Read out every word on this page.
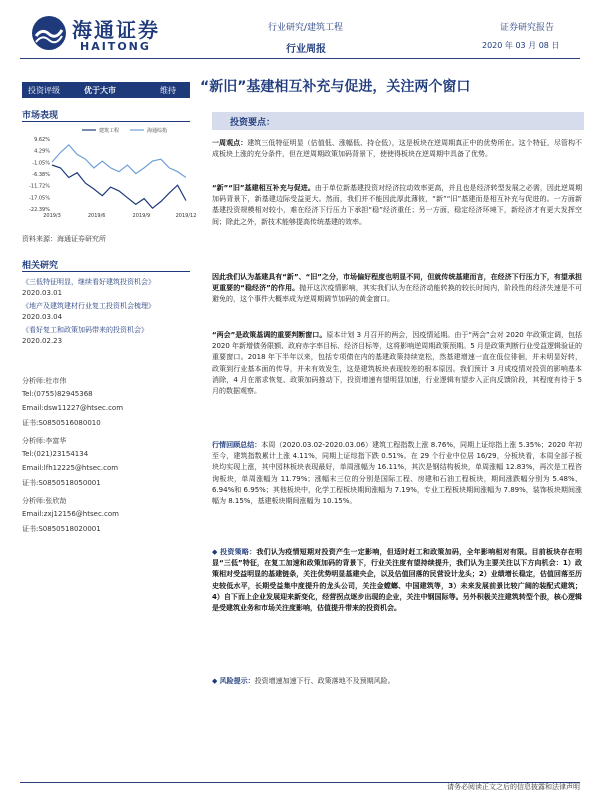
海通证券
HAITONG
行业研究/建筑工程
行业周报
证券研究报告
2020 年 03 月 08 日
投资评级	优于大市	维持 “新旧”基建相互补充与促进，关注两个窗口
市场表现
9.62%
4.29%
-1.05%
-6.38%
-11.72%
-17.05%
-22.39%
2019/3	2019/6	2019/9	2019/12
建筑工程	海通综指
资料来源：海通证券研究所
相关研究
《三低特征明显，继续看好建筑投资机会》
2020.03.01
《地产及建筑建材行业复工投资机会梳理》
2020.03.04
《看好复工和政策加码带来的投资机会》
2020.02.23
分析师:杜市伟
Tel:(0755)82945368
Email:dsw11227@htsec.com
证书:S0850516080010
分析师:李富华
Tel:(021)23154134
Email:lfh12225@htsec.com
证书:S0850518050001
分析师:张欣劼
Email:zxj12156@htsec.com
证书:S0850518020001
投资要点：
一周观点：建筑三低特征明显（估值低、涨幅低、持仓低），这是板块在逆周期真正中的优势所在。这个特征，尽管构不成板块上涨的充分条件，但在逆周期政策加码背景下，使使得板块在逆周期中具备了优势。
“新”“旧”基建相互补充与促进。由于单位新基建投资对经济拉动效率更高，并且也是经济转型发展之必需，因此逆周期加码背景下，新基建边际受益更大。然而，我们并不能因此厚此薄彼，“新”“旧”基建而是相互补充与促进的。一方面新基建投资规模相对较小，难在经济下行压力下承担“稳”经济重任；另一方面，稳定经济环境下，新经济才有更大发挥空间；除此之外，新技术能够提高传统基建的效率。
因此我们认为基建具有“新”、“旧”之分，市场偏好程度也明显不同，但就传统基建而言，在经济下行压力下，有望承担更重要的“稳经济”的作用。抛开这次疫情影响，其实我们认为在经济动能转换的较长时间内，阶段性的经济失速是不可避免的，这个事件大概率成为逆周期调节加码的黄金窗口。
“两会”是政策基调的重要判断窗口。原本计划 3 月召开的两会，因疫情延期。由于“两会”会对 2020 年政策定调，包括 2020 年新增债务限额、政府赤字率目标、经济目标等，这将影响逆周期政策预期。5 月是政策判断行业受益逻辑验证的重要窗口。2018 年下半年以来，包括专项债在内的基建政策持续宽松，然基建增速一直在低位徘徊，并未明显好转，政策到行业基本面的传导，并未有效发生，这是建筑板块表现较差的根本原因。我们预计 3 月成疫情对投资的影响基本消除，4 月在需求恢复、政策加码推动下，投资增速有望明显加速，行业逻辑有望步入正向反馈阶段，其程度有待于 5 月的数据观察。
行情回顾总结：本周（2020.03.02-2020.03.06）建筑工程指数上涨 8.76%，同期上证综指上涨 5.35%；2020 年初至今，建筑指数累计上涨 4.11%，同期上证综指下跌 0.51%。在 29 个行业中位居 16/29，分板块看，本周全部子板块均实现上涨，其中园林板块表现最好，单周涨幅为 16.11%，其次是钢结构板块，单周涨幅 12.83%，再次是工程咨询板块，单周涨幅为 11.79%；涨幅末三位的分别是国际工程、房建和石油工程板块，期间涨跌幅分别为 5.48%、6.94%和 6.95%；其他板块中，化学工程板块期间涨幅为 7.19%，专业工程板块期间涨幅为 7.89%，装饰板块期间涨幅为 8.15%，基建板块期间涨幅为 10.15%。
◆ 投资策略：我们认为疫情短期对投资产生一定影响，但适时赶工和政策加码，全年影响相对有限。目前板块存在明显“三低”特征，在复工加速和政策加码的背景下，行业关注度有望持续提升，我们认为主要关注以下方向机会：1）政策相对受益明显的基建链条，关注优势明显基建央企，以及估值回落的民营设计龙头；2）业绩增长稳定，估值回落至历史较低水平，长期受益集中度提升的龙头公司，关注金螳螂、中国建筑等，3）未来发展前景比较广阔的装配式建筑；4）自下而上企业发展迎来新变化，经营拐点逐步出现的企业，关注中钢国际等。另外积极关注建筑转型个股，核心逻辑是受建筑业务和市场关注度影响，估值提升带来的投资机会。
◆ 风险提示：投资增速加速下行、政策落地不及预期风险。
请务必阅读正文之后的信息披露和法律声明
